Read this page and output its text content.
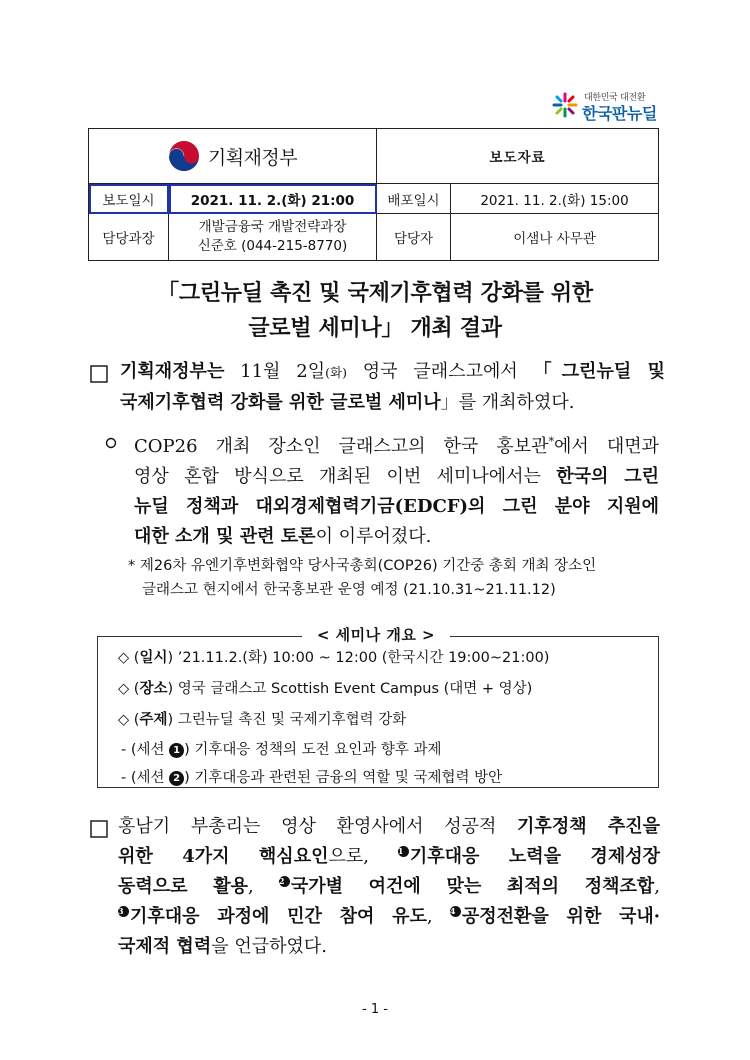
대한민국 대전환
한국판뉴딜
기획재정부		보도자료	
보도일시	2021. 11. 2.(화) 21:00	배포일시	2021. 11. 2.(화) 15:00
담당과장	개발금융국 개발전략과장
신준호 (044-215-8770)	담당자	이샘나 사무관
「그린뉴딜 촉진 및 국제기후협력 강화를 위한
글로벌 세미나」 개최 결과
기획재정부는 11월 2일(화) 영국 글래스고에서 「그린뉴딜 및
국제기후협력 강화를 위한 글로벌 세미나」를 개최하였다.
COP26 개최 장소인 글래스고의 한국 홍보관*에서 대면과
영상 혼합 방식으로 개최된 이번 세미나에서는 한국의 그린
뉴딜 정책과 대외경제협력기금(EDCF)의 그린 분야 지원에
대한 소개 및 관련 토론이 이루어졌다.
* 제26차 유엔기후변화협약 당사국총회(COP26) 기간중 총회 개최 장소인
글래스고 현지에서 한국홍보관 운영 예정 (21.10.31~21.11.12)
< 세미나 개요 >
◇ (일시) ’21.11.2.(화) 10:00 ~ 12:00 (한국시간 19:00~21:00)
◇ (장소) 영국 글래스고 Scottish Event Campus (대면 + 영상)
◇ (주제) 그린뉴딜 촉진 및 국제기후협력 강화
- (세션 1 ) 기후대응 정책의 도전 요인과 향후 과제
- (세션 2 ) 기후대응과 관련된 금융의 역할 및 국제협력 방안
홍남기 부총리는 영상 환영사에서 성공적 기후정책 추진을
위한 4가지 핵심요인으로, 1 기후대응 노력을 경제성장
동력으로 활용, 2 국가별 여건에 맞는 최적의 정책조합,
3 기후대응 과정에 민간 참여 유도, 4 공정전환을 위한 국내·
국제적 협력을 언급하였다.
- 1 -
